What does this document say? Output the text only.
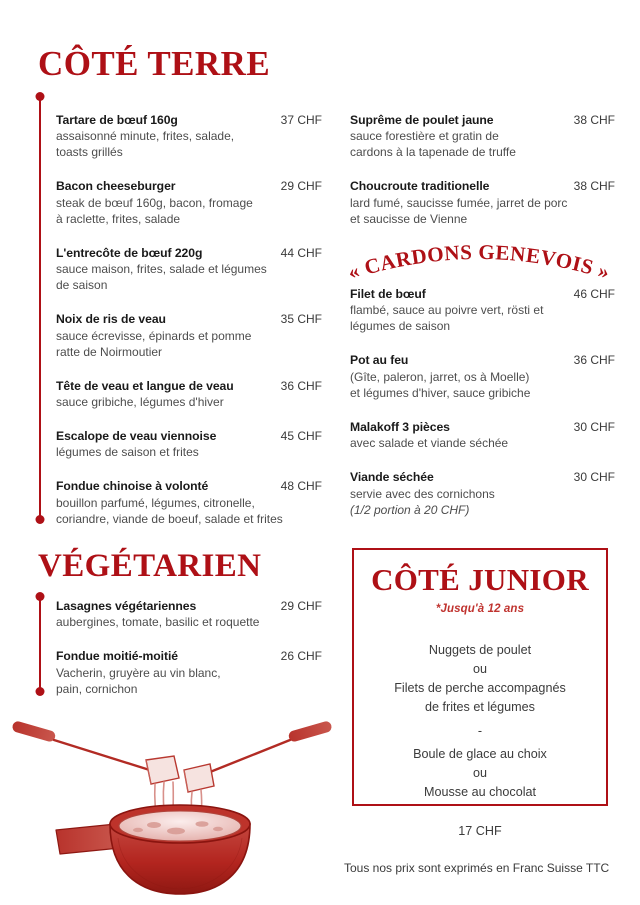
CÔTÉ TERRE
Tartare de bœuf 160g	37 CHF
assaisonné minute, frites, salade,
toasts grillés
Bacon cheeseburger	29 CHF
steak de bœuf 160g, bacon, fromage
à raclette, frites, salade
L'entrecôte de bœuf 220g	44 CHF
sauce maison, frites, salade et légumes
de saison
Noix de ris de veau	35 CHF
sauce écrevisse, épinards et pomme
ratte de Noirmoutier
Tête de veau et langue de veau	36 CHF
sauce gribiche, légumes d'hiver
Escalope de veau viennoise	45 CHF
légumes de saison et frites
Fondue chinoise à volonté	48 CHF
bouillon parfumé, légumes, citronelle,
coriandre, viande de boeuf, salade et frites
Suprême de poulet jaune	38 CHF
sauce forestière et gratin de
cardons à la tapenade de truffe
Choucroute traditionelle	38 CHF
lard fumé, saucisse fumée, jarret de porc
et saucisse de Vienne
« CARDONS GENEVOIS »
Filet de bœuf	46 CHF
flambé, sauce au poivre vert, rösti et
légumes de saison
Pot au feu	36 CHF
(Gîte, paleron, jarret, os à Moelle)
et légumes d'hiver, sauce gribiche
Malakoff 3 pièces	30 CHF
avec salade et viande séchée
Viande séchée	30 CHF
servie avec des cornichons
(1/2 portion à 20 CHF)
VÉGÉTARIEN
Lasagnes végétariennes	29 CHF
aubergines, tomate, basilic et roquette
Fondue moitié-moitié	26 CHF
Vacherin, gruyère au vin blanc,
pain, cornichon
CÔTÉ JUNIOR
*Jusqu'à 12 ans
Nuggets de poulet
ou
Filets de perche accompagnés
de frites et légumes
-
Boule de glace au choix
ou
Mousse au chocolat
17 CHF
Tous nos prix sont exprimés en Franc Suisse TTC
